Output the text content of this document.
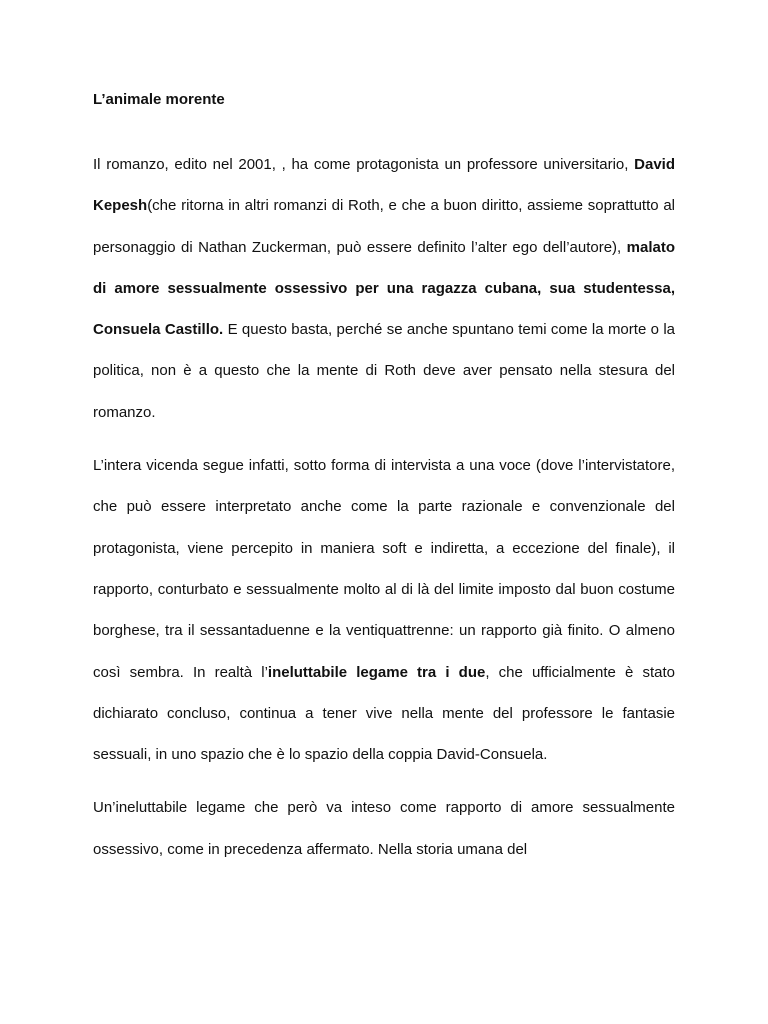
L’animale morente

Il romanzo, edito nel 2001, , ha come protagonista un professore universitario, David Kepesh(che ritorna in altri romanzi di Roth, e che a buon diritto, assieme soprattutto al personaggio di Nathan Zuckerman, può essere definito l’alter ego dell’autore), malato di amore sessualmente ossessivo per una ragazza cubana, sua studentessa, Consuela Castillo. E questo basta, perché se anche spuntano temi come la morte o la politica, non è a questo che la mente di Roth deve aver pensato nella stesura del romanzo.

L’intera vicenda segue infatti, sotto forma di intervista a una voce (dove l’intervistatore, che può essere interpretato anche come la parte razionale e convenzionale del protagonista, viene percepito in maniera soft e indiretta, a eccezione del finale), il rapporto, conturbato e sessualmente molto al di là del limite imposto dal buon costume borghese, tra il sessantaduenne e la ventiquattrenne: un rapporto già finito. O almeno così sembra. In realtà l’ineluttabile legame tra i due, che ufficialmente è stato dichiarato concluso, continua a tener vive nella mente del professore le fantasie sessuali, in uno spazio che è lo spazio della coppia David-Consuela.

Un’ineluttabile legame che però va inteso come rapporto di amore sessualmente ossessivo, come in precedenza affermato. Nella storia umana del
